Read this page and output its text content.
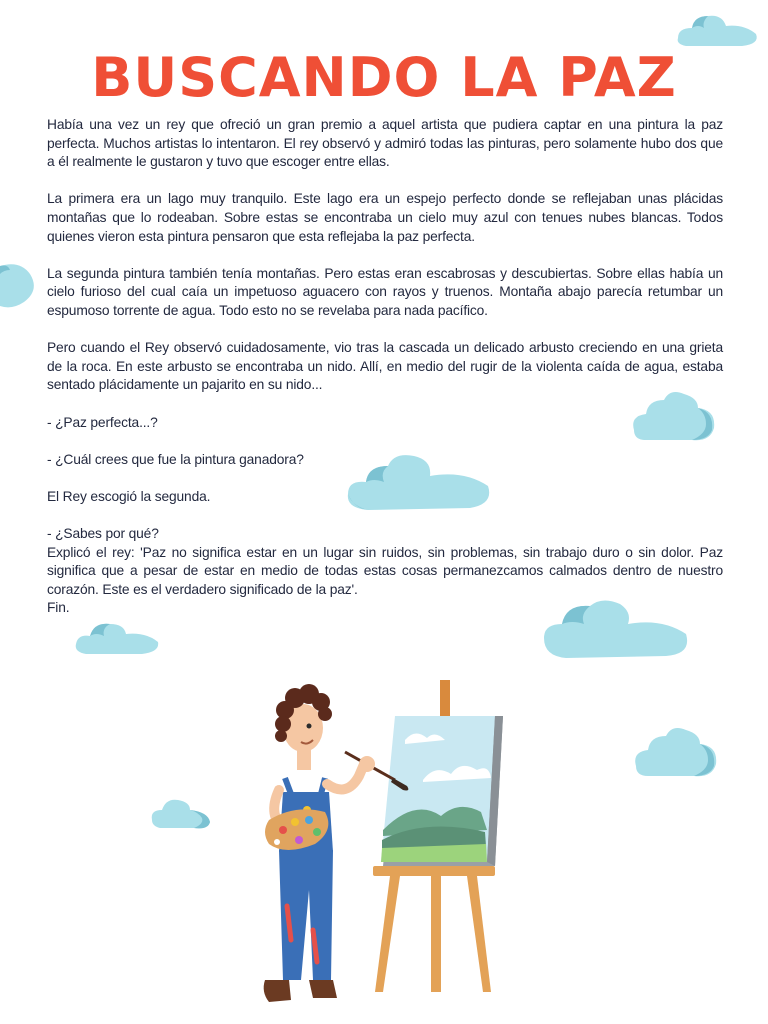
BUSCANDO LA PAZ

Había una vez un rey que ofreció un gran premio a aquel artista que pudiera captar en una pintura la paz perfecta. Muchos artistas lo intentaron. El rey observó y admiró todas las pinturas, pero solamente hubo dos que a él realmente le gustaron y tuvo que escoger entre ellas.

La primera era un lago muy tranquilo. Este lago era un espejo perfecto donde se reflejaban unas plácidas montañas que lo rodeaban. Sobre estas se encontraba un cielo muy azul con tenues nubes blancas. Todos quienes vieron esta pintura pensaron que esta reflejaba la paz perfecta.

La segunda pintura también tenía montañas. Pero estas eran escabrosas y descubiertas. Sobre ellas había un cielo furioso del cual caía un impetuoso aguacero con rayos y truenos. Montaña abajo parecía retumbar un espumoso torrente de agua. Todo esto no se revelaba para nada pacífico.

Pero cuando el Rey observó cuidadosamente, vio tras la cascada un delicado arbusto creciendo en una grieta de la roca. En este arbusto se encontraba un nido. Allí, en medio del rugir de la violenta caída de agua, estaba sentado plácidamente un pajarito en su nido...

- ¿Paz perfecta...?

- ¿Cuál crees que fue la pintura ganadora?

El Rey escogió la segunda.

- ¿Sabes por qué?

Explicó el rey: 'Paz no significa estar en un lugar sin ruidos, sin problemas, sin trabajo duro o sin dolor. Paz significa que a pesar de estar en medio de todas estas cosas permanezcamos calmados dentro de nuestro corazón. Este es el verdadero significado de la paz'.

Fin.
